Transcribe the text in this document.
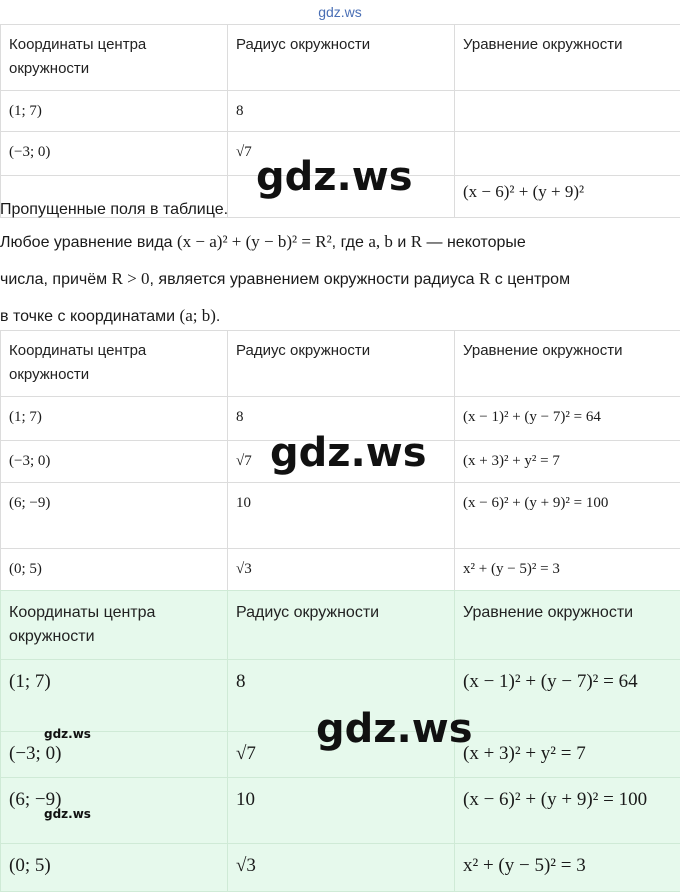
gdz.ws
Координаты центра окружности	Радиус окружности	Уравнение окружности
(1; 7)	8	
(−3; 0)	√7	
		(x − 6)² + (y + 9)²

Пропущенные поля в таблице.

Любое уравнение вида (x − a)² + (y − b)² = R², где a, b и R — некоторые

числа, причём R > 0, является уравнением окружности радиуса R с центром

в точке с координатами (a; b).

Координаты центра окружности	Радиус окружности	Уравнение окружности
(1; 7)	8	(x − 1)² + (y − 7)² = 64
(−3; 0)	√7	(x + 3)² + y² = 7
(6; −9)	10	(x − 6)² + (y + 9)² = 100
(0; 5)	√3	x² + (y − 5)² = 3
Координаты центра окружности	Радиус окружности	Уравнение окружности
(1; 7)	8	(x − 1)² + (y − 7)² = 64
(−3; 0)	√7	(x + 3)² + y² = 7
(6; −9)	10	(x − 6)² + (y + 9)² = 100
(0; 5)	√3	x² + (y − 5)² = 3
gdz.ws
gdz.ws
gdz.ws
gdz.ws
gdz.ws
